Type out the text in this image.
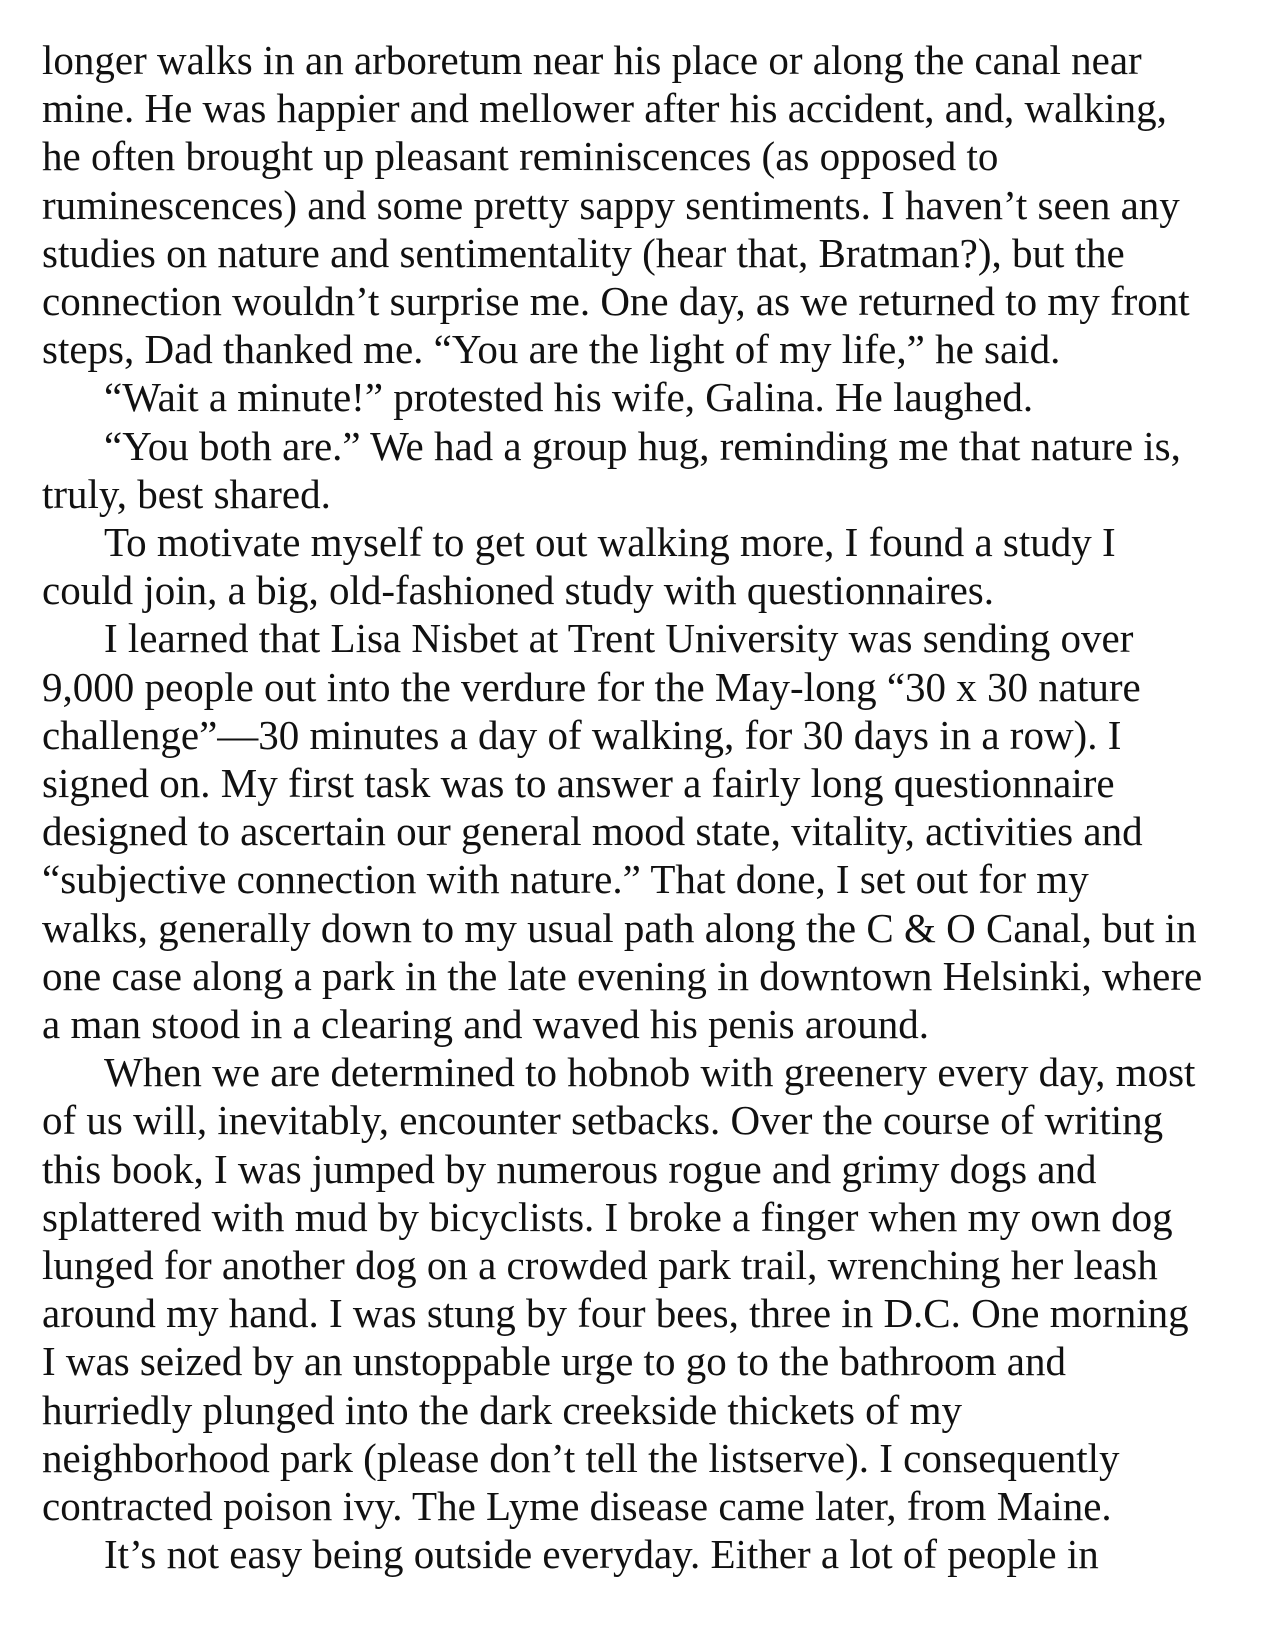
longer walks in an arboretum near his place or along the canal near
mine. He was happier and mellower after his accident, and, walking,
he often brought up pleasant reminiscences (as opposed to
ruminescences) and some pretty sappy sentiments. I haven’t seen any
studies on nature and sentimentality (hear that, Bratman?), but the
connection wouldn’t surprise me. One day, as we returned to my front
steps, Dad thanked me. “You are the light of my life,” he said.

“Wait a minute!” protested his wife, Galina. He laughed.

“You both are.” We had a group hug, reminding me that nature is,
truly, best shared.

To motivate myself to get out walking more, I found a study I
could join, a big, old-fashioned study with questionnaires.

I learned that Lisa Nisbet at Trent University was sending over
9,000 people out into the verdure for the May-long “30 x 30 nature
challenge”—30 minutes a day of walking, for 30 days in a row). I
signed on. My first task was to answer a fairly long questionnaire
designed to ascertain our general mood state, vitality, activities and
“subjective connection with nature.” That done, I set out for my
walks, generally down to my usual path along the C & O Canal, but in
one case along a park in the late evening in downtown Helsinki, where
a man stood in a clearing and waved his penis around.

When we are determined to hobnob with greenery every day, most
of us will, inevitably, encounter setbacks. Over the course of writing
this book, I was jumped by numerous rogue and grimy dogs and
splattered with mud by bicyclists. I broke a finger when my own dog
lunged for another dog on a crowded park trail, wrenching her leash
around my hand. I was stung by four bees, three in D.C. One morning
I was seized by an unstoppable urge to go to the bathroom and
hurriedly plunged into the dark creekside thickets of my
neighborhood park (please don’t tell the listserve). I consequently
contracted poison ivy. The Lyme disease came later, from Maine.

It’s not easy being outside everyday. Either a lot of people in
